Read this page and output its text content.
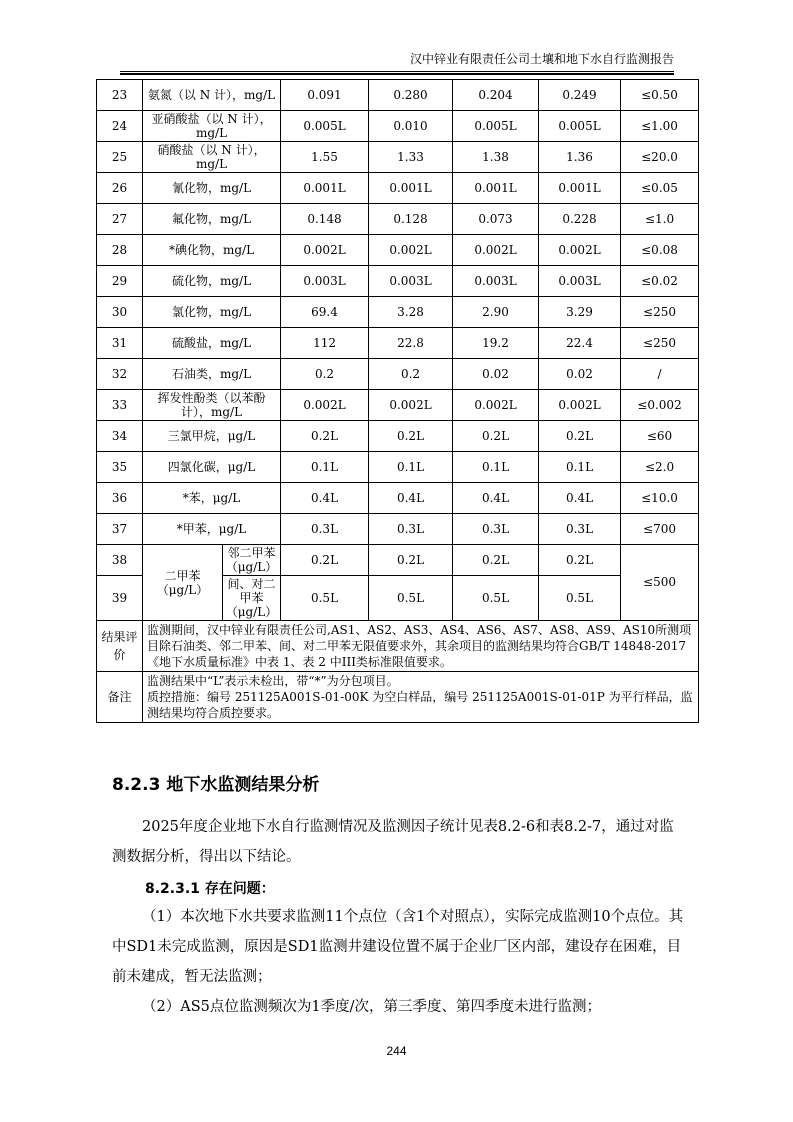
汉中锌业有限责任公司土壤和地下水自行监测报告
23	氨氮（以 N 计），mg/L		0.091	0.280	0.204	0.249	≤0.50
24	亚硝酸盐（以 N 计），mg/L		0.005L	0.010	0.005L	0.005L	≤1.00
25	硝酸盐（以 N 计），mg/L		1.55	1.33	1.38	1.36	≤20.0
26	氰化物，mg/L		0.001L	0.001L	0.001L	0.001L	≤0.05
27	氟化物，mg/L		0.148	0.128	0.073	0.228	≤1.0
28	*碘化物，mg/L		0.002L	0.002L	0.002L	0.002L	≤0.08
29	硫化物，mg/L		0.003L	0.003L	0.003L	0.003L	≤0.02
30	氯化物，mg/L		69.4	3.28	2.90	3.29	≤250
31	硫酸盐，mg/L		112	22.8	19.2	22.4	≤250
32	石油类，mg/L		0.2	0.2	0.02	0.02	/
33	挥发性酚类（以苯酚计），mg/L		0.002L	0.002L	0.002L	0.002L	≤0.002
34	三氯甲烷，μg/L		0.2L	0.2L	0.2L	0.2L	≤60
35	四氯化碳，μg/L		0.1L	0.1L	0.1L	0.1L	≤2.0
36	*苯，μg/L		0.4L	0.4L	0.4L	0.4L	≤10.0
37	*甲苯，μg/L		0.3L	0.3L	0.3L	0.3L	≤700
38	二甲苯（μg/L）	邻二甲苯（μg/L）	0.2L	0.2L	0.2L	0.2L	≤500
39		间、对二甲苯（μg/L）	0.5L	0.5L	0.5L	0.5L	
结果评价	监测期间，汉中锌业有限责任公司,AS1、AS2、AS3、AS4、AS6、AS7、AS8、AS9、AS10所测项目除石油类、邻二甲苯、间、对二甲苯无限值要求外，其余项目的监测结果均符合GB/T 14848-2017《地下水质量标准》中表 1、表 2 中III类标准限值要求。						
备注	监测结果中“L”表示未检出，带“*”为分包项目。
质控措施：编号 251125A001S-01-00K 为空白样品，编号 251125A001S-01-01P 为平行样品，监测结果均符合质控要求。						
8.2.3 地下水监测结果分析

2025年度企业地下水自行监测情况及监测因子统计见表8.2-6和表8.2-7，通过对监测数据分析，得出以下结论。

8.2.3.1 存在问题：

（1）本次地下水共要求监测11个点位（含1个对照点），实际完成监测10个点位。其中SD1未完成监测，原因是SD1监测井建设位置不属于企业厂区内部，建设存在困难，目前未建成，暂无法监测；

（2）AS5点位监测频次为1季度/次，第三季度、第四季度未进行监测；

244
